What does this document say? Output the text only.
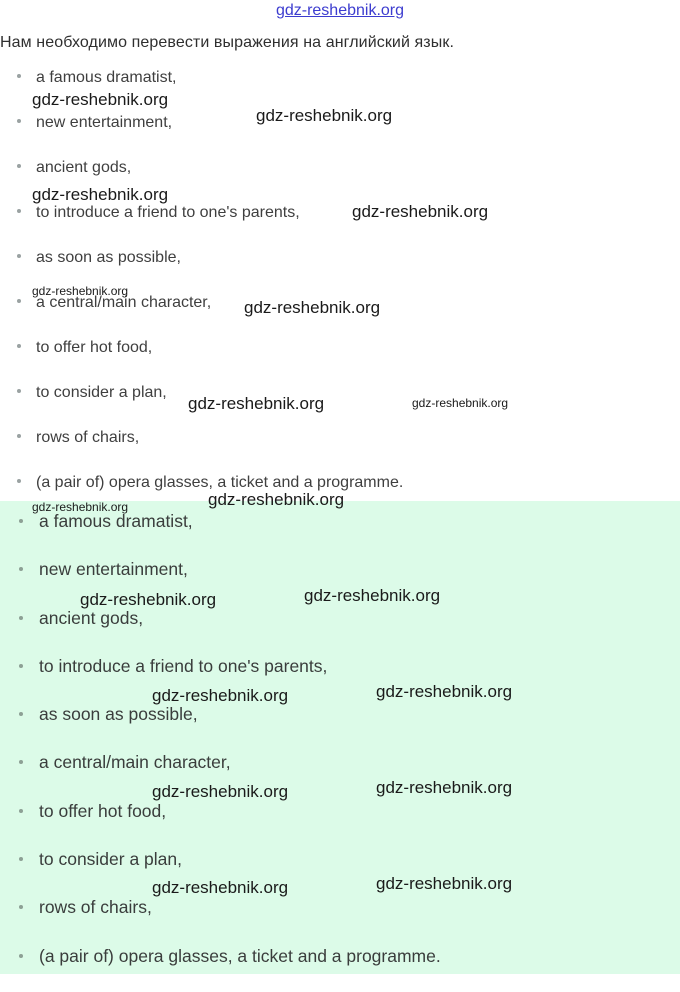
gdz-reshebnik.org
Нам необходимо перевести выражения на английский язык.
a famous dramatist,
new entertainment,
ancient gods,
to introduce a friend to one's parents,
as soon as possible,
a central/main character,
to offer hot food,
to consider a plan,
rows of chairs,
(a pair of) opera glasses, a ticket and a programme.
a famous dramatist,
new entertainment,
ancient gods,
to introduce a friend to one's parents,
as soon as possible,
a central/main character,
to offer hot food,
to consider a plan,
rows of chairs,
(a pair of) opera glasses, a ticket and a programme.
gdz-reshebnik.org
gdz-reshebnik.org
gdz-reshebnik.org
gdz-reshebnik.org
gdz-reshebnik.org
gdz-reshebnik.org
gdz-reshebnik.org	gdz-reshebnik.org
gdz-reshebnik.org	gdz-reshebnik.org
gdz-reshebnik.org	gdz-reshebnik.org
gdz-reshebnik.org	gdz-reshebnik.org
gdz-reshebnik.org	gdz-reshebnik.org
gdz-reshebnik.org	gdz-reshebnik.org
